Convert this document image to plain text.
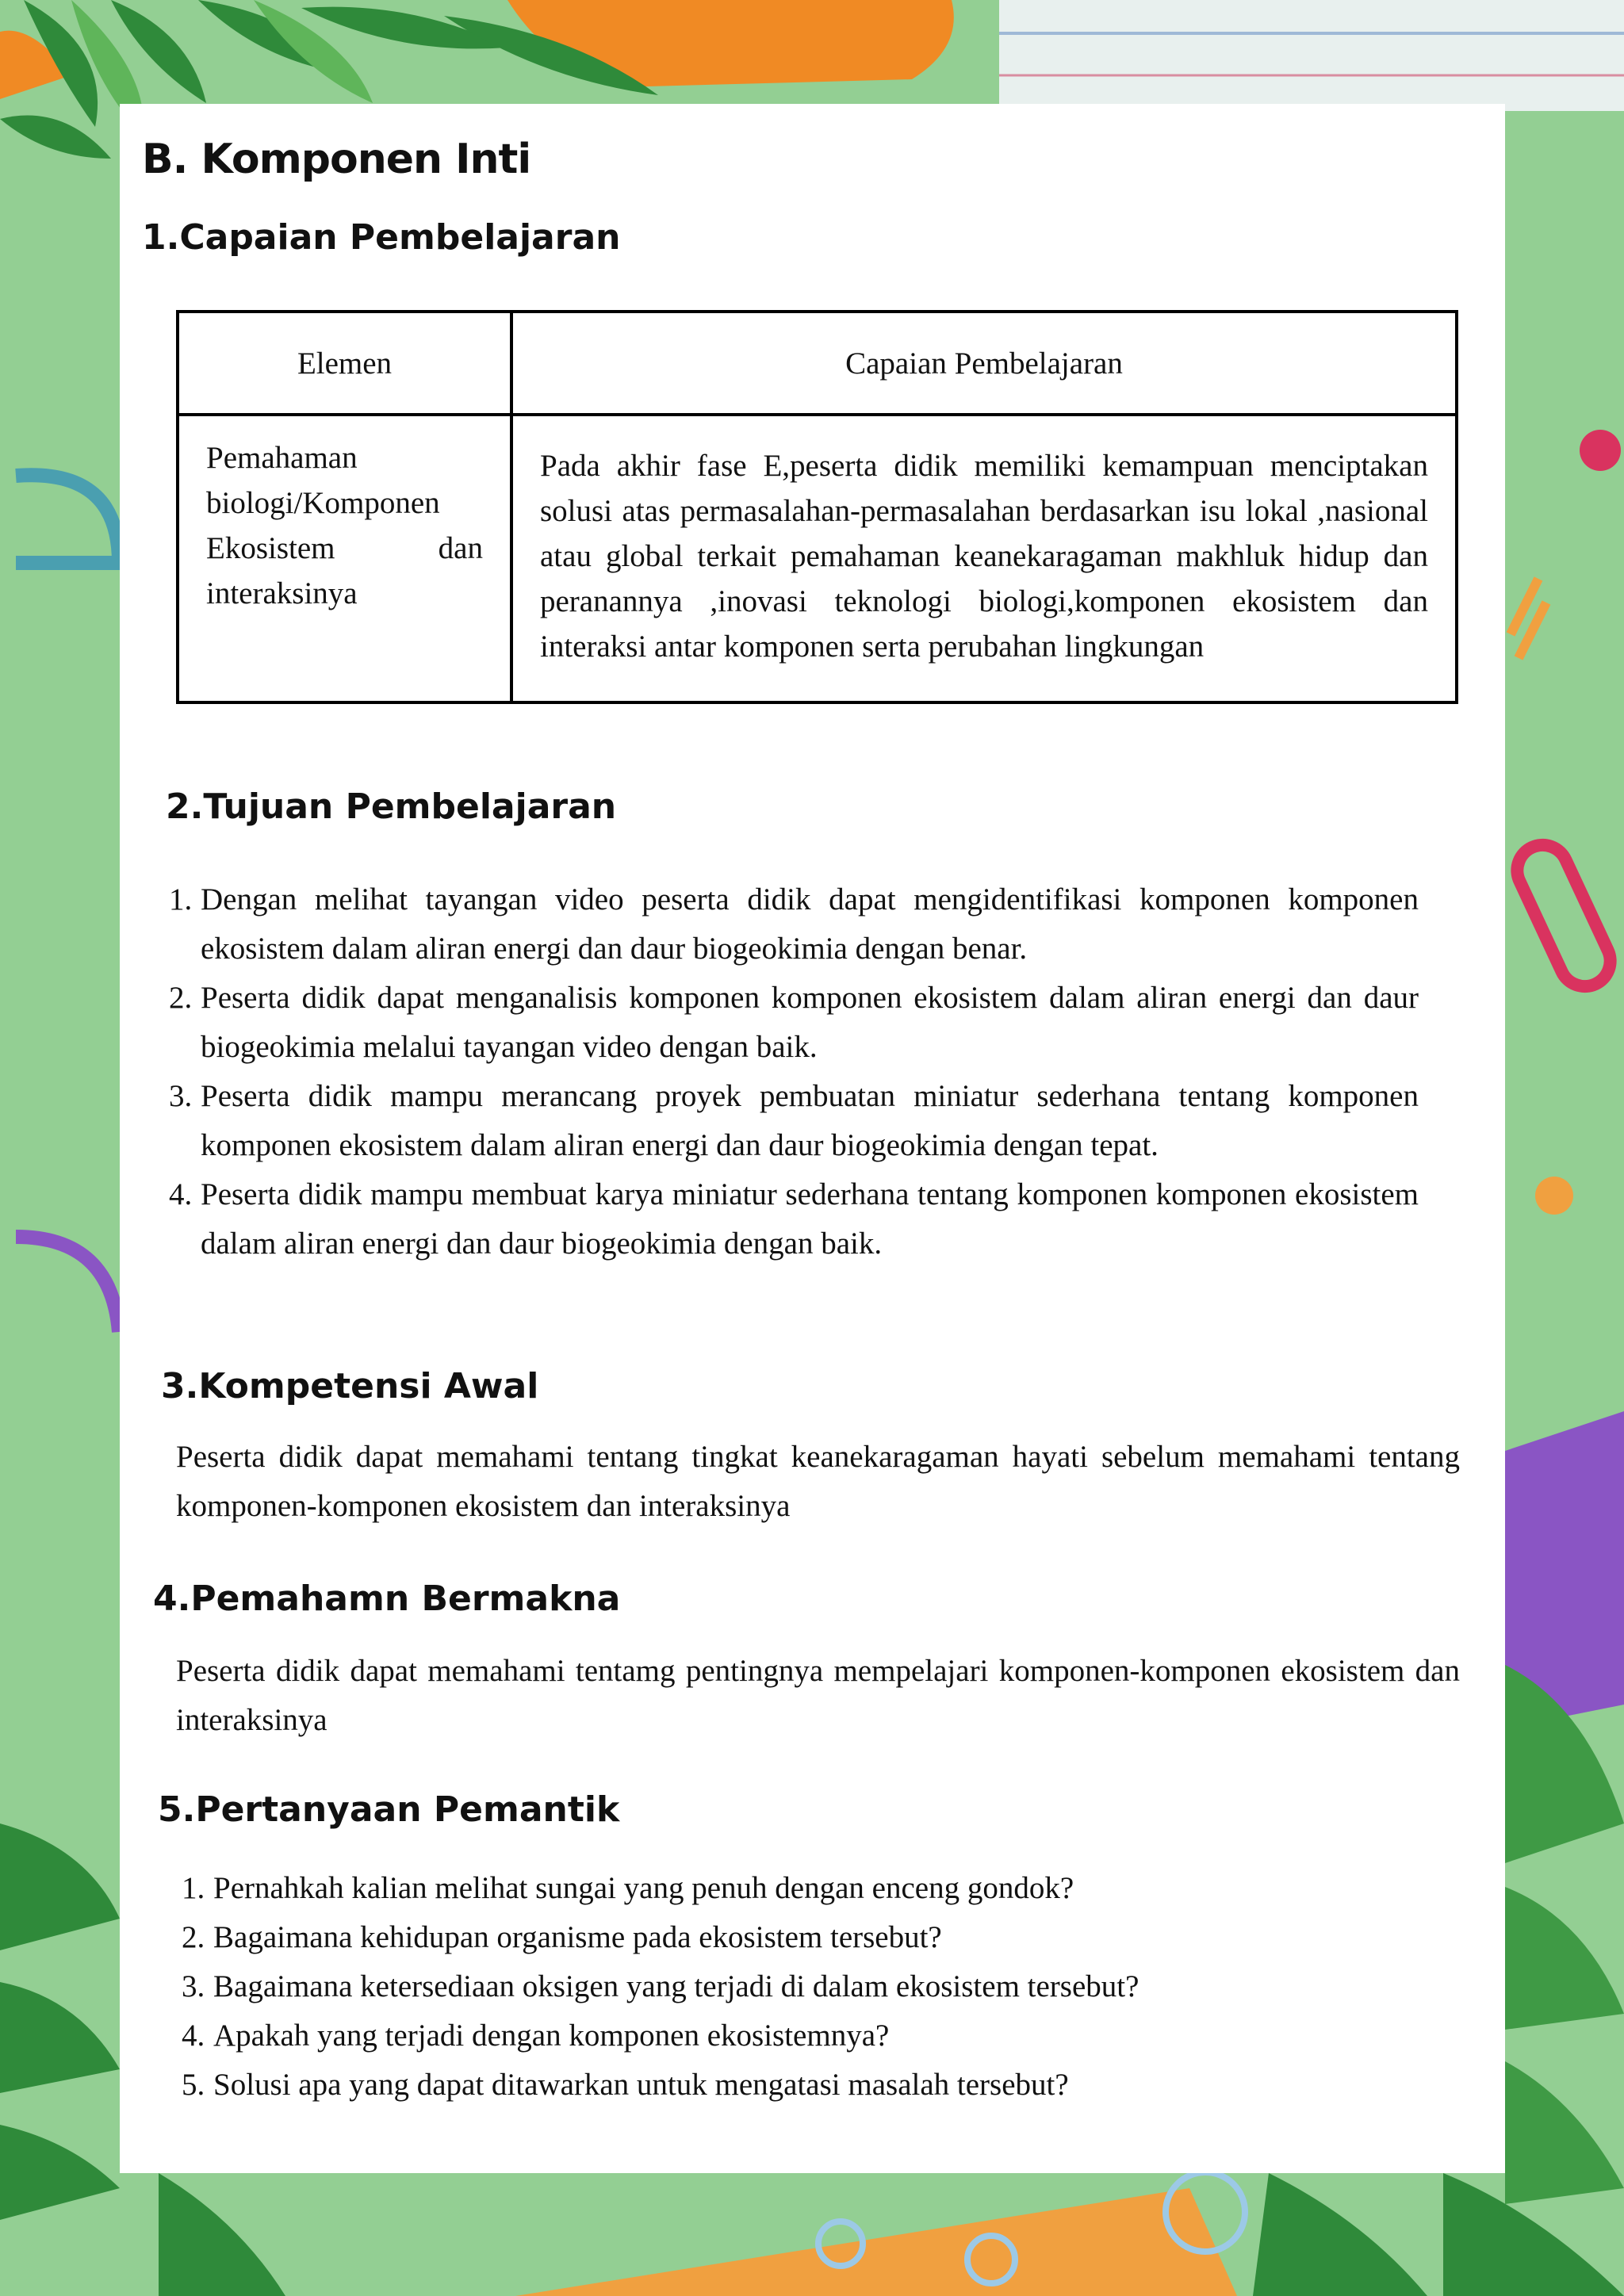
B. Komponen Inti
1.Capaian Pembelajaran
Elemen	Capaian Pembelajaran
Pemahaman biologi/Komponen Ekosistem dan interaksinya	Pada akhir fase E,peserta didik memiliki kemampuan menciptakan solusi atas permasalahan-permasalahan berdasarkan isu lokal ,nasional atau global terkait pemahaman keanekaragaman makhluk hidup dan peranannya ,inovasi teknologi biologi,komponen ekosistem dan interaksi antar komponen serta perubahan lingkungan
2.Tujuan Pembelajaran
1. Dengan melihat tayangan video peserta didik dapat mengidentifikasi komponen komponen ekosistem dalam aliran energi dan daur biogeokimia dengan benar.
2. Peserta didik dapat menganalisis komponen komponen ekosistem dalam aliran energi dan daur biogeokimia melalui tayangan video dengan baik.
3. Peserta didik mampu merancang proyek pembuatan miniatur sederhana tentang komponen komponen ekosistem dalam aliran energi dan daur biogeokimia dengan tepat.
4. Peserta didik mampu membuat karya miniatur sederhana tentang komponen komponen ekosistem dalam aliran energi dan daur biogeokimia dengan baik.
3.Kompetensi Awal

Peserta didik dapat memahami tentang tingkat keanekaragaman hayati sebelum memahami tentang komponen-komponen ekosistem dan interaksinya

4.Pemahamn Bermakna

Peserta didik dapat memahami tentamg pentingnya mempelajari komponen-komponen ekosistem dan interaksinya

5.Pertanyaan Pemantik
1. Pernahkah kalian melihat sungai yang penuh dengan enceng gondok?
2. Bagaimana kehidupan organisme pada ekosistem tersebut?
3. Bagaimana ketersediaan oksigen yang terjadi di dalam ekosistem tersebut?
4. Apakah yang terjadi dengan komponen ekosistemnya?
5. Solusi apa yang dapat ditawarkan untuk mengatasi masalah tersebut?
